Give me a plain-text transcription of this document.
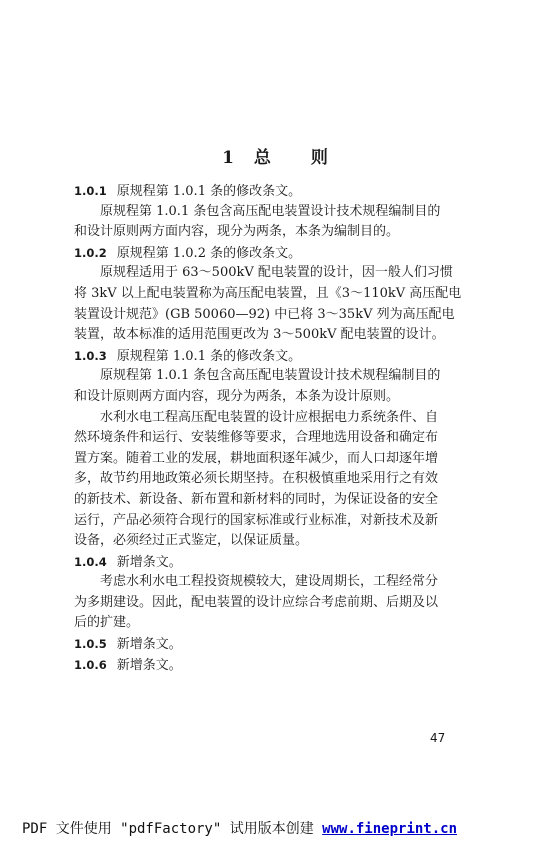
1 总 则
1.0.1 原规程第 1.0.1 条的修改条文。
原规程第 1.0.1 条包含高压配电装置设计技术规程编制目的
和设计原则两方面内容，现分为两条，本条为编制目的。
1.0.2 原规程第 1.0.2 条的修改条文。
原规程适用于 63～500kV 配电装置的设计，因一般人们习惯
将 3kV 以上配电装置称为高压配电装置，且《3～110kV 高压配电
装置设计规范》(GB 50060—92) 中已将 3～35kV 列为高压配电
装置，故本标准的适用范围更改为 3～500kV 配电装置的设计。
1.0.3 原规程第 1.0.1 条的修改条文。
原规程第 1.0.1 条包含高压配电装置设计技术规程编制目的
和设计原则两方面内容，现分为两条，本条为设计原则。
水利水电工程高压配电装置的设计应根据电力系统条件、自
然环境条件和运行、安装维修等要求，合理地选用设备和确定布
置方案。随着工业的发展，耕地面积逐年减少，而人口却逐年增
多，故节约用地政策必须长期坚持。在积极慎重地采用行之有效
的新技术、新设备、新布置和新材料的同时，为保证设备的安全
运行，产品必须符合现行的国家标准或行业标准，对新技术及新
设备，必须经过正式鉴定，以保证质量。
1.0.4 新增条文。
考虑水利水电工程投资规模较大，建设周期长，工程经常分
为多期建设。因此，配电装置的设计应综合考虑前期、后期及以
后的扩建。
1.0.5 新增条文。
1.0.6 新增条文。
47
PDF 文件使用 "pdfFactory" 试用版本创建 www.fineprint.cn
